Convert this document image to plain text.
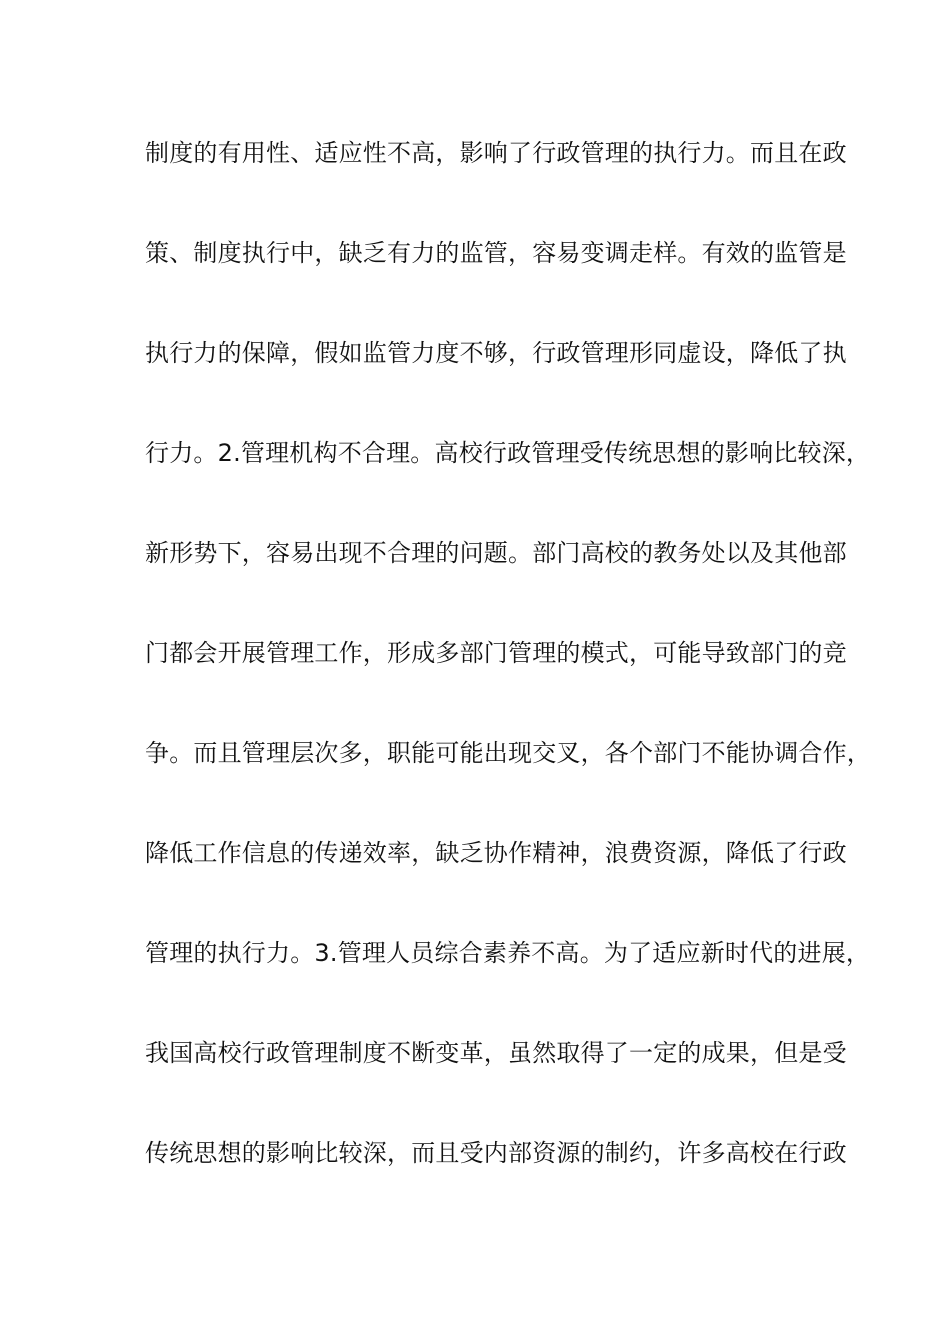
制度的有用性、适应性不高，影响了行政管理的执行力。而且在政
策、制度执行中，缺乏有力的监管，容易变调走样。有效的监管是
执行力的保障，假如监管力度不够，行政管理形同虚设，降低了执
行力。2.管理机构不合理。高校行政管理受传统思想的影响比较深，
新形势下，容易出现不合理的问题。部门高校的教务处以及其他部
门都会开展管理工作，形成多部门管理的模式，可能导致部门的竞
争。而且管理层次多，职能可能出现交叉，各个部门不能协调合作，
降低工作信息的传递效率，缺乏协作精神，浪费资源，降低了行政
管理的执行力。3.管理人员综合素养不高。为了适应新时代的进展，
我国高校行政管理制度不断变革，虽然取得了一定的成果，但是受
传统思想的影响比较深，而且受内部资源的制约，许多高校在行政
